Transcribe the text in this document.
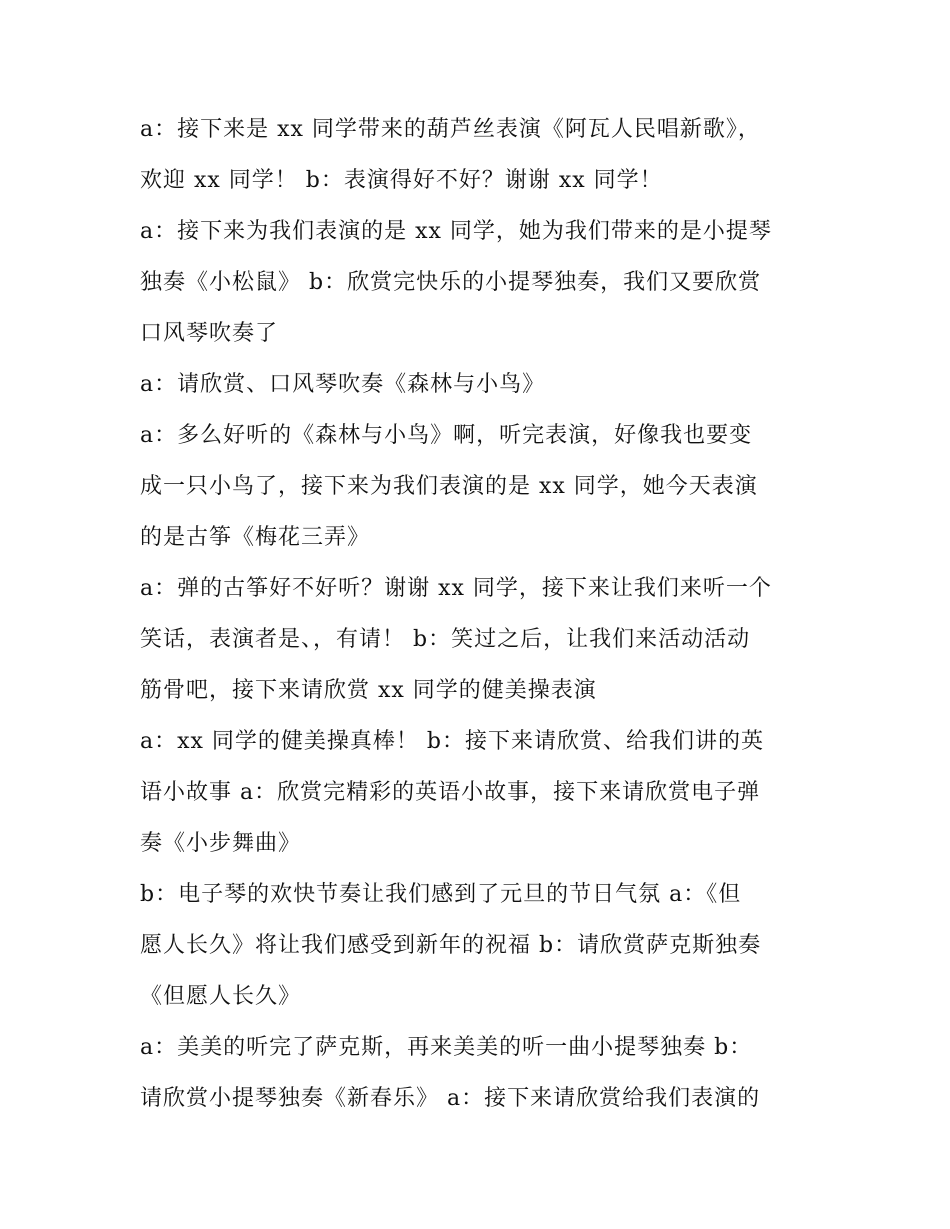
a：接下来是 xx 同学带来的葫芦丝表演《阿瓦人民唱新歌》，
欢迎 xx 同学！ b：表演得好不好？谢谢 xx 同学！

a：接下来为我们表演的是 xx 同学，她为我们带来的是小提琴
独奏《小松鼠》 b：欣赏完快乐的小提琴独奏，我们又要欣赏
口风琴吹奏了

a：请欣赏、口风琴吹奏《森林与小鸟》

a：多么好听的《森林与小鸟》啊，听完表演，好像我也要变
成一只小鸟了，接下来为我们表演的是 xx 同学，她今天表演
的是古筝《梅花三弄》

a：弹的古筝好不好听？谢谢 xx 同学，接下来让我们来听一个
笑话，表演者是、，有请！ b：笑过之后，让我们来活动活动
筋骨吧，接下来请欣赏 xx 同学的健美操表演

a：xx 同学的健美操真棒！ b：接下来请欣赏、给我们讲的英
语小故事 a：欣赏完精彩的英语小故事，接下来请欣赏电子弹
奏《小步舞曲》

b：电子琴的欢快节奏让我们感到了元旦的节日气氛 a：《但
愿人长久》将让我们感受到新年的祝福 b：请欣赏萨克斯独奏
《但愿人长久》

a：美美的听完了萨克斯，再来美美的听一曲小提琴独奏 b：
请欣赏小提琴独奏《新春乐》 a：接下来请欣赏给我们表演的
